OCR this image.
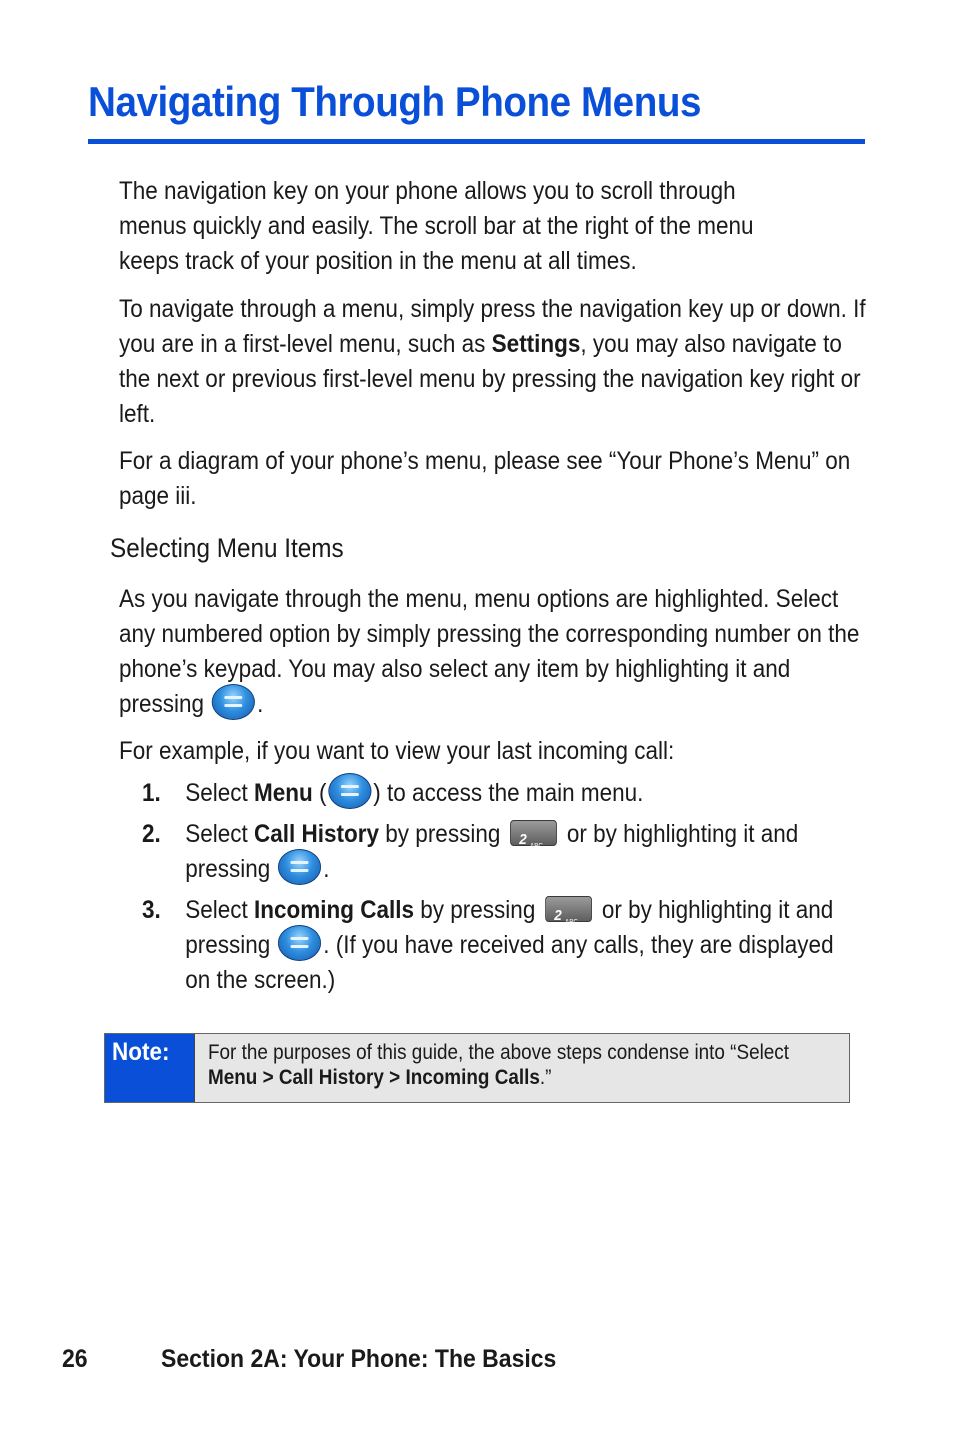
Navigating Through Phone Menus
The navigation key on your phone allows you to scroll through menus quickly and easily. The scroll bar at the right of the menu keeps track of your position in the menu at all times.
To navigate through a menu, simply press the navigation key up or down. If you are in a first-level menu, such as Settings, you may also navigate to the next or previous first-level menu by pressing the navigation key right or left.
For a diagram of your phone’s menu, please see “Your Phone’s Menu” on page iii.
Selecting Menu Items
As you navigate through the menu, menu options are highlighted. Select any numbered option by simply pressing the corresponding number on the phone’s keypad. You may also select any item by highlighting it and pressing .
For example, if you want to view your last incoming call:
1. Select Menu ( ) to access the main menu.
2. Select Call History by pressing 2 ABC or by highlighting it and pressing .
3. Select Incoming Calls by pressing 2 ABC or by highlighting it and pressing . (If you have received any calls, they are displayed on the screen.)
Note: For the purposes of this guide, the above steps condense into “Select Menu > Call History > Incoming Calls.”
26	Section 2A: Your Phone: The Basics
